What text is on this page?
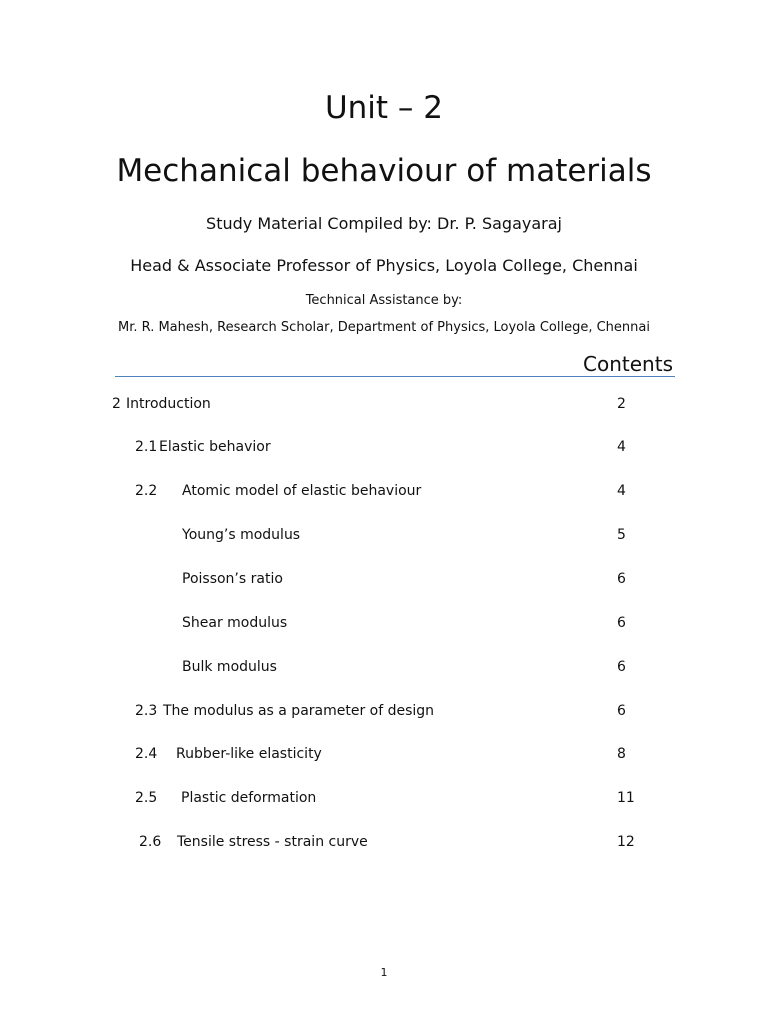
Unit – 2
Mechanical behaviour of materials
Study Material Compiled by: Dr. P. Sagayaraj
Head & Associate Professor of Physics, Loyola College, Chennai
Technical Assistance by:
Mr. R. Mahesh, Research Scholar, Department of Physics, Loyola College, Chennai
Contents
2 Introduction	2
2.1 Elastic behavior	4
2.2 Atomic model of elastic behaviour	4
Young’s modulus	5
Poisson’s ratio	6
Shear modulus	6
Bulk modulus	6
2.3 The modulus as a parameter of design	6
2.4 Rubber-like elasticity	8
2.5 Plastic deformation	11
2.6 Tensile stress - strain curve	12
1
